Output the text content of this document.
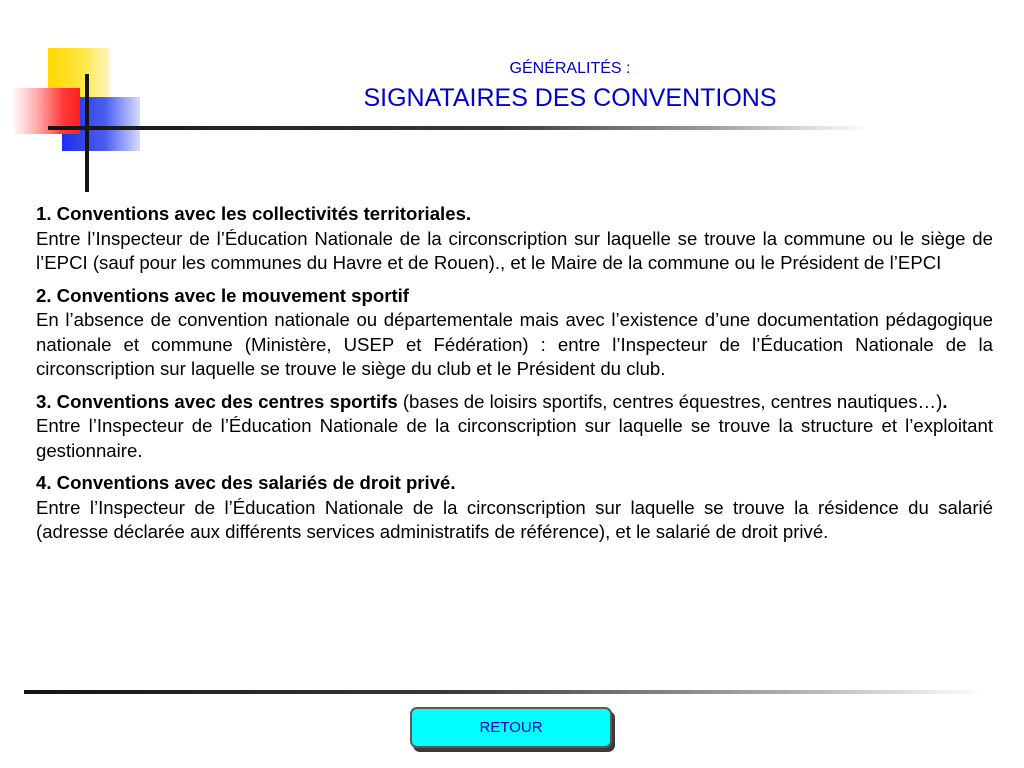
GÉNÉRALITÉS :
SIGNATAIRES DES CONVENTIONS
1. Conventions avec les collectivités territoriales.

Entre l’Inspecteur de l’Éducation Nationale de la circonscription sur laquelle se trouve la commune ou le siège de l’EPCI (sauf pour les communes du Havre et de Rouen)., et le Maire de la commune ou le Président de l’EPCI

2. Conventions avec le mouvement sportif

En l’absence de convention nationale ou départementale mais avec l’existence d’une documentation pédagogique nationale et commune (Ministère, USEP et Fédération) : entre l’Inspecteur de l’Éducation Nationale de la circonscription sur laquelle se trouve le siège du club et le Président du club.

3. Conventions avec des centres sportifs (bases de loisirs sportifs, centres équestres, centres nautiques…).

Entre l’Inspecteur de l’Éducation Nationale de la circonscription sur laquelle se trouve la structure et l’exploitant gestionnaire.

4. Conventions avec des salariés de droit privé.

Entre l’Inspecteur de l’Éducation Nationale de la circonscription sur laquelle se trouve la résidence du salarié (adresse déclarée aux différents services administratifs de référence), et le salarié de droit privé.

RETOUR
